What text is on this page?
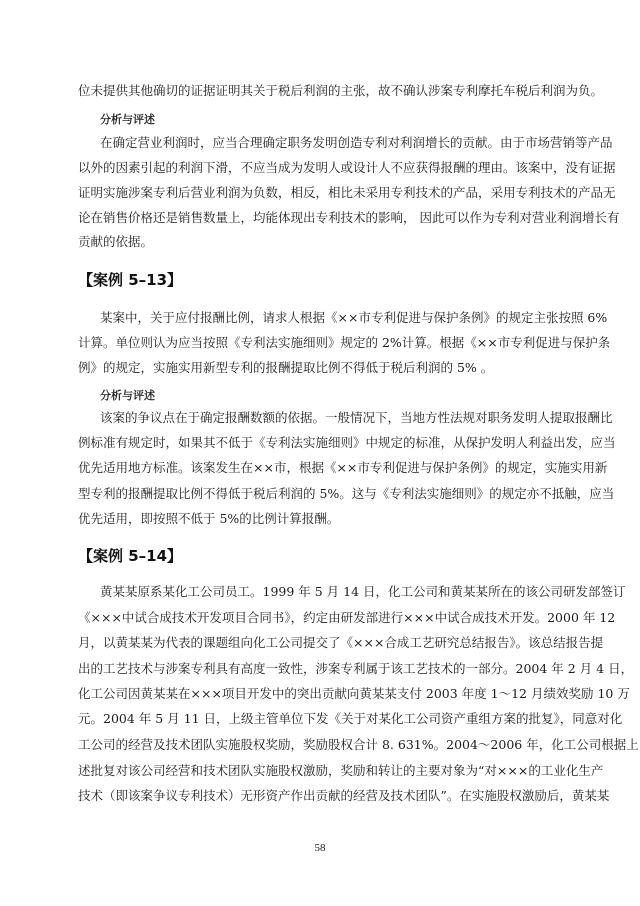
位未提供其他确切的证据证明其关于税后利润的主张，故不确认涉案专利摩托车税后利润为负。
分析与评述
在确定营业利润时，应当合理确定职务发明创造专利对利润增长的贡献。由于市场营销等产品
以外的因素引起的利润下滑，不应当成为发明人或设计人不应获得报酬的理由。该案中，没有证据
证明实施涉案专利后营业利润为负数，相反，相比未采用专利技术的产品，采用专利技术的产品无
论在销售价格还是销售数量上，均能体现出专利技术的影响， 因此可以作为专利对营业利润增长有
贡献的依据。
【案例 5–13】
某案中，关于应付报酬比例，请求人根据《××市专利促进与保护条例》的规定主张按照 6%
计算。单位则认为应当按照《专利法实施细则》规定的 2%计算。根据《××市专利促进与保护条
例》的规定，实施实用新型专利的报酬提取比例不得低于税后利润的 5% 。
分析与评述
该案的争议点在于确定报酬数额的依据。一般情况下，当地方性法规对职务发明人提取报酬比
例标准有规定时，如果其不低于《专利法实施细则》中规定的标准，从保护发明人利益出发，应当
优先适用地方标准。该案发生在××市，根据《××市专利促进与保护条例》的规定，实施实用新
型专利的报酬提取比例不得低于税后利润的 5%。这与《专利法实施细则》的规定亦不抵触，应当
优先适用，即按照不低于 5%的比例计算报酬。
【案例 5–14】
黄某某原系某化工公司员工。1999 年 5 月 14 日，化工公司和黄某某所在的该公司研发部签订
《×××中试合成技术开发项目合同书》，约定由研发部进行×××中试合成技术开发。2000 年 12
月，以黄某某为代表的课题组向化工公司提交了《×××合成工艺研究总结报告》。该总结报告提
出的工艺技术与涉案专利具有高度一致性，涉案专利属于该工艺技术的一部分。2004 年 2 月 4 日，
化工公司因黄某某在×××项目开发中的突出贡献向黄某某支付 2003 年度 1～12 月绩效奖励 10 万
元。2004 年 5 月 11 日，上级主管单位下发《关于对某化工公司资产重组方案的批复》，同意对化
工公司的经营及技术团队实施股权奖励，奖励股权合计 8. 631%。2004～2006 年，化工公司根据上
述批复对该公司经营和技术团队实施股权激励，奖励和转让的主要对象为“对×××的工业化生产
技术（即该案争议专利技术）无形资产作出贡献的经营及技术团队”。在实施股权激励后，黄某某
58
